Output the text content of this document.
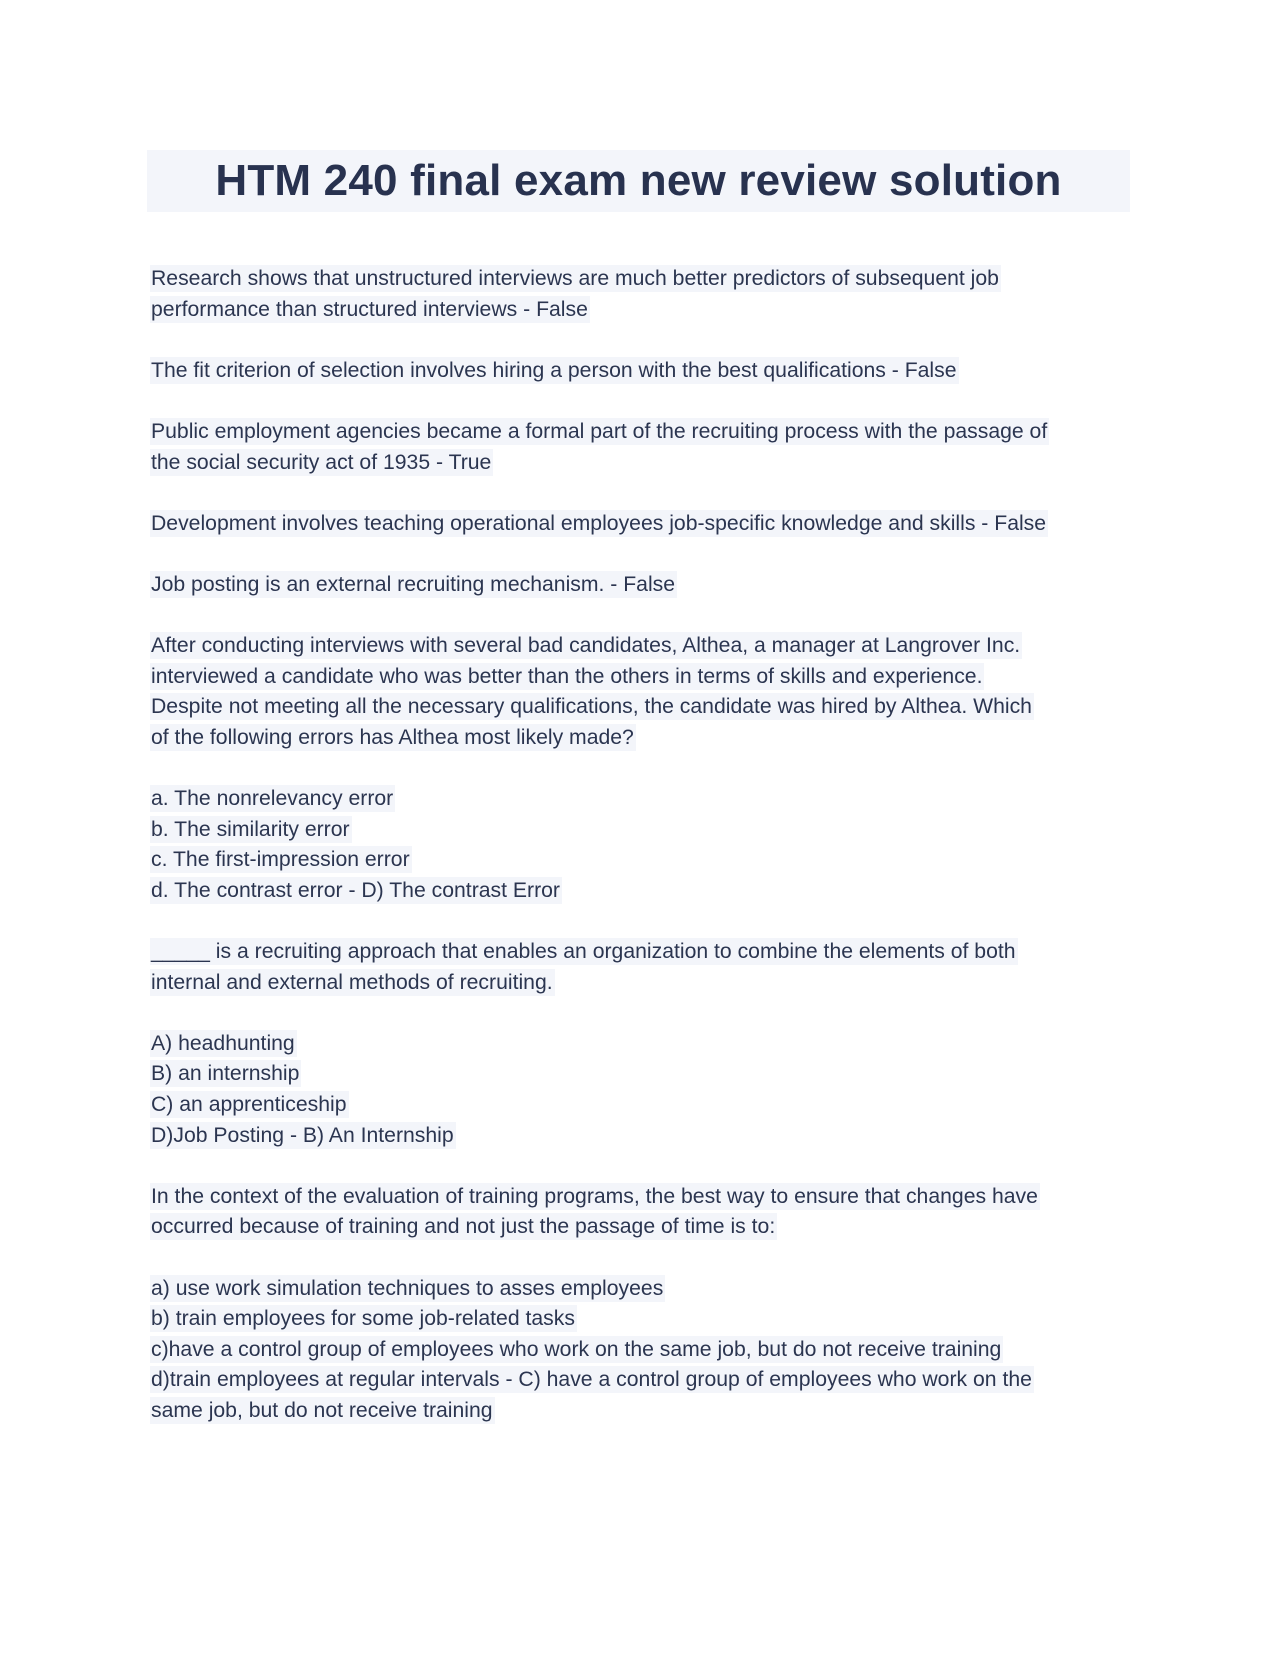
HTM 240 final exam new review solution
Research shows that unstructured interviews are much better predictors of subsequent job
performance than structured interviews - False
The fit criterion of selection involves hiring a person with the best qualifications - False
Public employment agencies became a formal part of the recruiting process with the passage of
the social security act of 1935 - True
Development involves teaching operational employees job-specific knowledge and skills - False
Job posting is an external recruiting mechanism. - False
After conducting interviews with several bad candidates, Althea, a manager at Langrover Inc.
interviewed a candidate who was better than the others in terms of skills and experience.
Despite not meeting all the necessary qualifications, the candidate was hired by Althea. Which
of the following errors has Althea most likely made?
a. The nonrelevancy error
b. The similarity error
c. The first-impression error
d. The contrast error - D) The contrast Error
_____ is a recruiting approach that enables an organization to combine the elements of both
internal and external methods of recruiting.
A) headhunting
B) an internship
C) an apprenticeship
D)Job Posting - B) An Internship
In the context of the evaluation of training programs, the best way to ensure that changes have
occurred because of training and not just the passage of time is to:
a) use work simulation techniques to asses employees
b) train employees for some job-related tasks
c)have a control group of employees who work on the same job, but do not receive training
d)train employees at regular intervals - C) have a control group of employees who work on the
same job, but do not receive training
